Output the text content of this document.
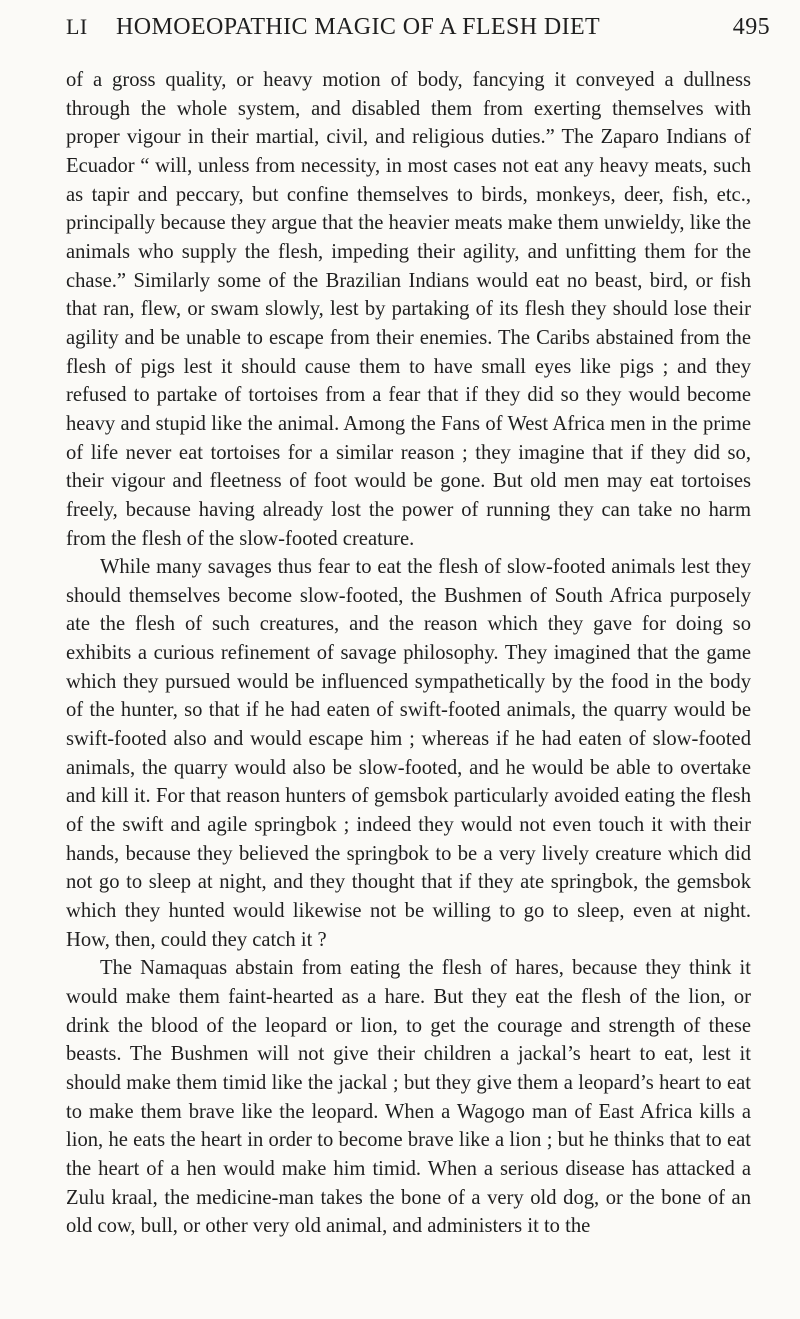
LI	HOMOEOPATHIC MAGIC OF A FLESH DIET	495

of a gross quality, or heavy motion of body, fancying it conveyed a dullness through the whole system, and disabled them from exerting themselves with proper vigour in their martial, civil, and religious duties.” The Zaparo Indians of Ecuador “ will, unless from necessity, in most cases not eat any heavy meats, such as tapir and peccary, but confine themselves to birds, monkeys, deer, fish, etc., principally because they argue that the heavier meats make them unwieldy, like the animals who supply the flesh, impeding their agility, and unfitting them for the chase.” Similarly some of the Brazilian Indians would eat no beast, bird, or fish that ran, flew, or swam slowly, lest by partaking of its flesh they should lose their agility and be unable to escape from their enemies. The Caribs abstained from the flesh of pigs lest it should cause them to have small eyes like pigs ; and they refused to partake of tortoises from a fear that if they did so they would become heavy and stupid like the animal. Among the Fans of West Africa men in the prime of life never eat tortoises for a similar reason ; they imagine that if they did so, their vigour and fleetness of foot would be gone. But old men may eat tortoises freely, because having already lost the power of running they can take no harm from the flesh of the slow-footed creature.

While many savages thus fear to eat the flesh of slow-footed animals lest they should themselves become slow-footed, the Bushmen of South Africa purposely ate the flesh of such creatures, and the reason which they gave for doing so exhibits a curious refinement of savage philosophy. They imagined that the game which they pursued would be influenced sympathetically by the food in the body of the hunter, so that if he had eaten of swift-footed animals, the quarry would be swift-footed also and would escape him ; whereas if he had eaten of slow-footed animals, the quarry would also be slow-footed, and he would be able to overtake and kill it. For that reason hunters of gemsbok particularly avoided eating the flesh of the swift and agile springbok ; indeed they would not even touch it with their hands, because they believed the springbok to be a very lively creature which did not go to sleep at night, and they thought that if they ate springbok, the gemsbok which they hunted would likewise not be willing to go to sleep, even at night. How, then, could they catch it ?

The Namaquas abstain from eating the flesh of hares, because they think it would make them faint-hearted as a hare. But they eat the flesh of the lion, or drink the blood of the leopard or lion, to get the courage and strength of these beasts. The Bushmen will not give their children a jackal’s heart to eat, lest it should make them timid like the jackal ; but they give them a leopard’s heart to eat to make them brave like the leopard. When a Wagogo man of East Africa kills a lion, he eats the heart in order to become brave like a lion ; but he thinks that to eat the heart of a hen would make him timid. When a serious disease has attacked a Zulu kraal, the medicine-man takes the bone of a very old dog, or the bone of an old cow, bull, or other very old animal, and administers it to the
